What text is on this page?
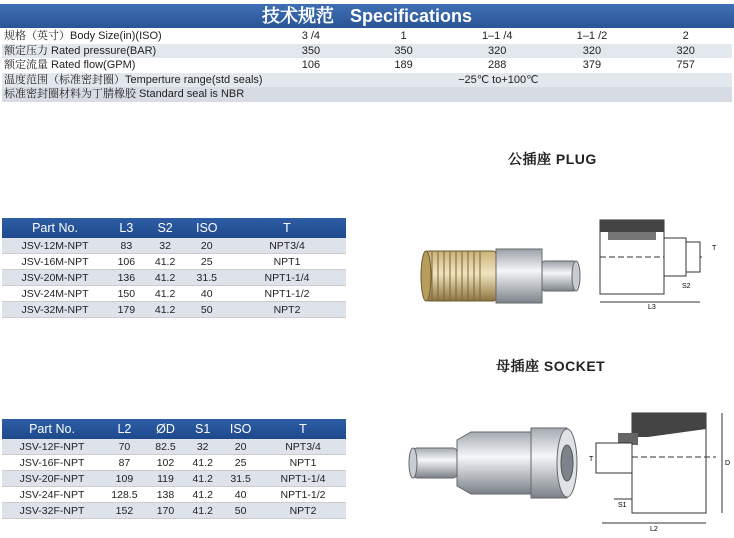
技术规范 Specifications
规格（英寸）Body Size(in)(ISO)	3 /4	1	1–1 /4	1–1 /2	2
额定压力 Rated pressure(BAR)	350	350	320	320	320
额定流量 Rated flow(GPM)	106	189	288	379	757
温度范围（标准密封圈）Temperture range(std seals)	−25℃ to+100℃				
标准密封圈材料为丁腈橡胶 Standard seal is NBR					
公插座 PLUG
Part No.	L3	S2	ISO	T
JSV-12M-NPT	83	32	20	NPT3/4
JSV-16M-NPT	106	41.2	25	NPT1
JSV-20M-NPT	136	41.2	31.5	NPT1-1/4
JSV-24M-NPT	150	41.2	40	NPT1-1/2
JSV-32M-NPT	179	41.2	50	NPT2	L3
S2
T
母插座 SOCKET
Part No.	L2	ØD	S1	ISO	T
JSV-12F-NPT	70	82.5	32	20	NPT3/4
JSV-16F-NPT	87	102	41.2	25	NPT1
JSV-20F-NPT	109	119	41.2	31.5	NPT1-1/4
JSV-24F-NPT	128.5	138	41.2	40	NPT1-1/2
JSV-32F-NPT	152	170	41.2	50	NPT2
L2
S1
T
D
